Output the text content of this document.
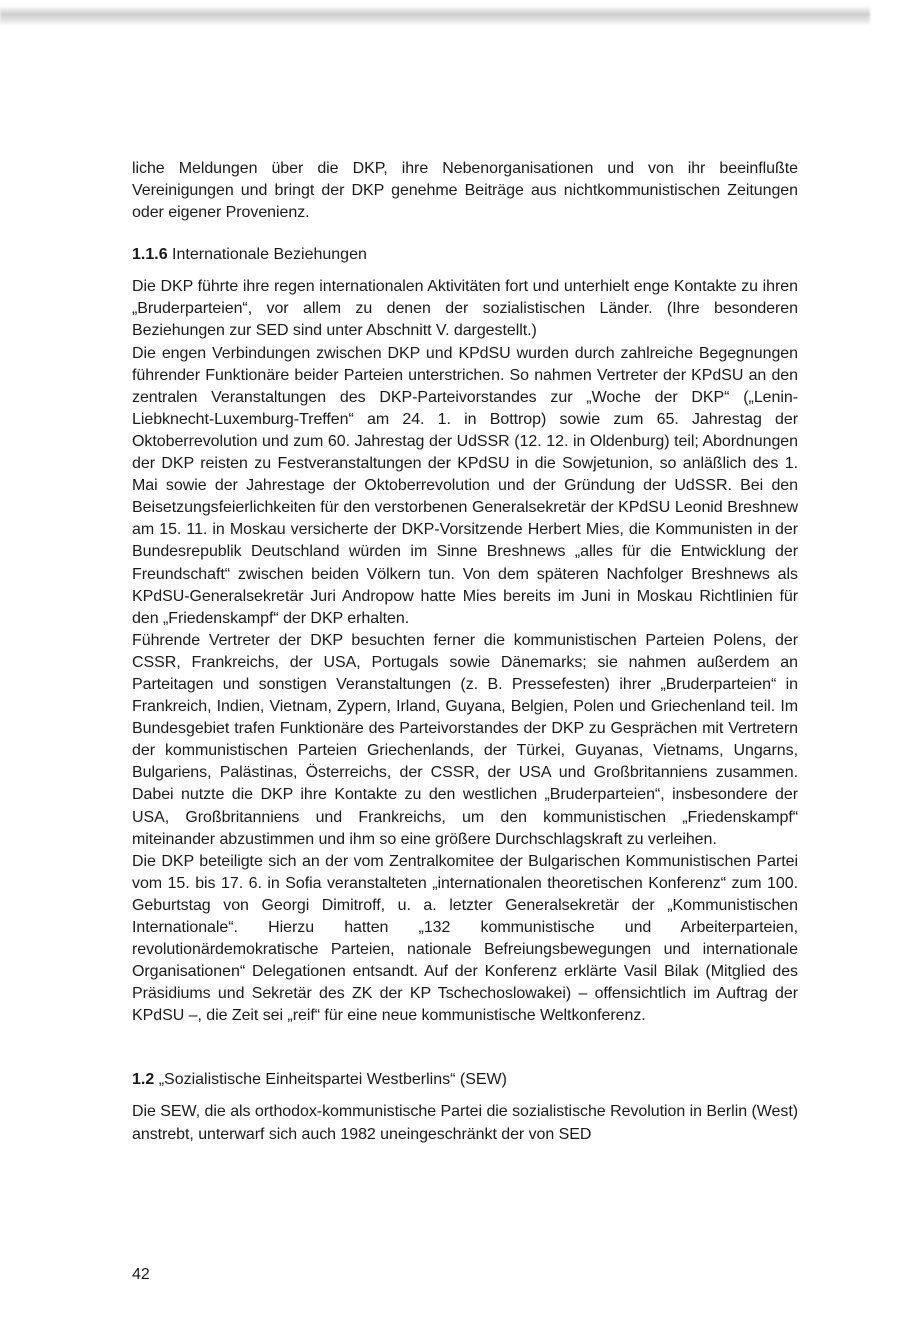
liche Meldungen über die DKP, ihre Nebenorganisationen und von ihr beeinflußte Vereinigungen und bringt der DKP genehme Beiträge aus nichtkommunistischen Zeitungen oder eigener Provenienz.

1.1.6 Internationale Beziehungen

Die DKP führte ihre regen internationalen Aktivitäten fort und unterhielt enge Kontakte zu ihren „Bruderparteien“, vor allem zu denen der sozialistischen Länder. (Ihre besonderen Beziehungen zur SED sind unter Abschnitt V. dargestellt.)

Die engen Verbindungen zwischen DKP und KPdSU wurden durch zahlreiche Begegnungen führender Funktionäre beider Parteien unterstrichen. So nahmen Vertreter der KPdSU an den zentralen Veranstaltungen des DKP-Parteivorstandes zur „Woche der DKP“ („Lenin-Liebknecht-Luxemburg-Treffen“ am 24. 1. in Bottrop) sowie zum 65. Jahrestag der Oktoberrevolution und zum 60. Jahrestag der UdSSR (12. 12. in Oldenburg) teil; Abordnungen der DKP reisten zu Festveranstaltungen der KPdSU in die Sowjetunion, so anläßlich des 1. Mai sowie der Jahrestage der Oktoberrevolution und der Gründung der UdSSR. Bei den Beisetzungsfeierlichkeiten für den verstorbenen Generalsekretär der KPdSU Leonid Breshnew am 15. 11. in Moskau versicherte der DKP-Vorsitzende Herbert Mies, die Kommunisten in der Bundesrepublik Deutschland würden im Sinne Breshnews „alles für die Entwicklung der Freundschaft“ zwischen beiden Völkern tun. Von dem späteren Nachfolger Breshnews als KPdSU-Generalsekretär Juri Andropow hatte Mies bereits im Juni in Moskau Richtlinien für den „Friedenskampf“ der DKP erhalten.

Führende Vertreter der DKP besuchten ferner die kommunistischen Parteien Polens, der CSSR, Frankreichs, der USA, Portugals sowie Dänemarks; sie nahmen außerdem an Parteitagen und sonstigen Veranstaltungen (z. B. Pressefesten) ihrer „Bruderparteien“ in Frankreich, Indien, Vietnam, Zypern, Irland, Guyana, Belgien, Polen und Griechenland teil. Im Bundesgebiet trafen Funktionäre des Parteivorstandes der DKP zu Gesprächen mit Vertretern der kommunistischen Parteien Griechenlands, der Türkei, Guyanas, Vietnams, Ungarns, Bulgariens, Palästinas, Österreichs, der CSSR, der USA und Großbritanniens zusammen. Dabei nutzte die DKP ihre Kontakte zu den westlichen „Bruderparteien“, insbesondere der USA, Großbritanniens und Frankreichs, um den kommunistischen „Friedenskampf“ miteinander abzustimmen und ihm so eine größere Durchschlagskraft zu verleihen.

Die DKP beteiligte sich an der vom Zentralkomitee der Bulgarischen Kommunistischen Partei vom 15. bis 17. 6. in Sofia veranstalteten „internationalen theoretischen Konferenz“ zum 100. Geburtstag von Georgi Dimitroff, u. a. letzter Generalsekretär der „Kommunistischen Internationale“. Hierzu hatten „132 kommunistische und Arbeiterparteien, revolutionärdemokratische Parteien, nationale Befreiungsbewegungen und internationale Organisationen“ Delegationen entsandt. Auf der Konferenz erklärte Vasil Bilak (Mitglied des Präsidiums und Sekretär des ZK der KP Tschechoslowakei) – offensichtlich im Auftrag der KPdSU –, die Zeit sei „reif“ für eine neue kommunistische Weltkonferenz.

1.2 „Sozialistische Einheitspartei Westberlins“ (SEW)

Die SEW, die als orthodox-kommunistische Partei die sozialistische Revolution in Berlin (West) anstrebt, unterwarf sich auch 1982 uneingeschränkt der von SED

42
